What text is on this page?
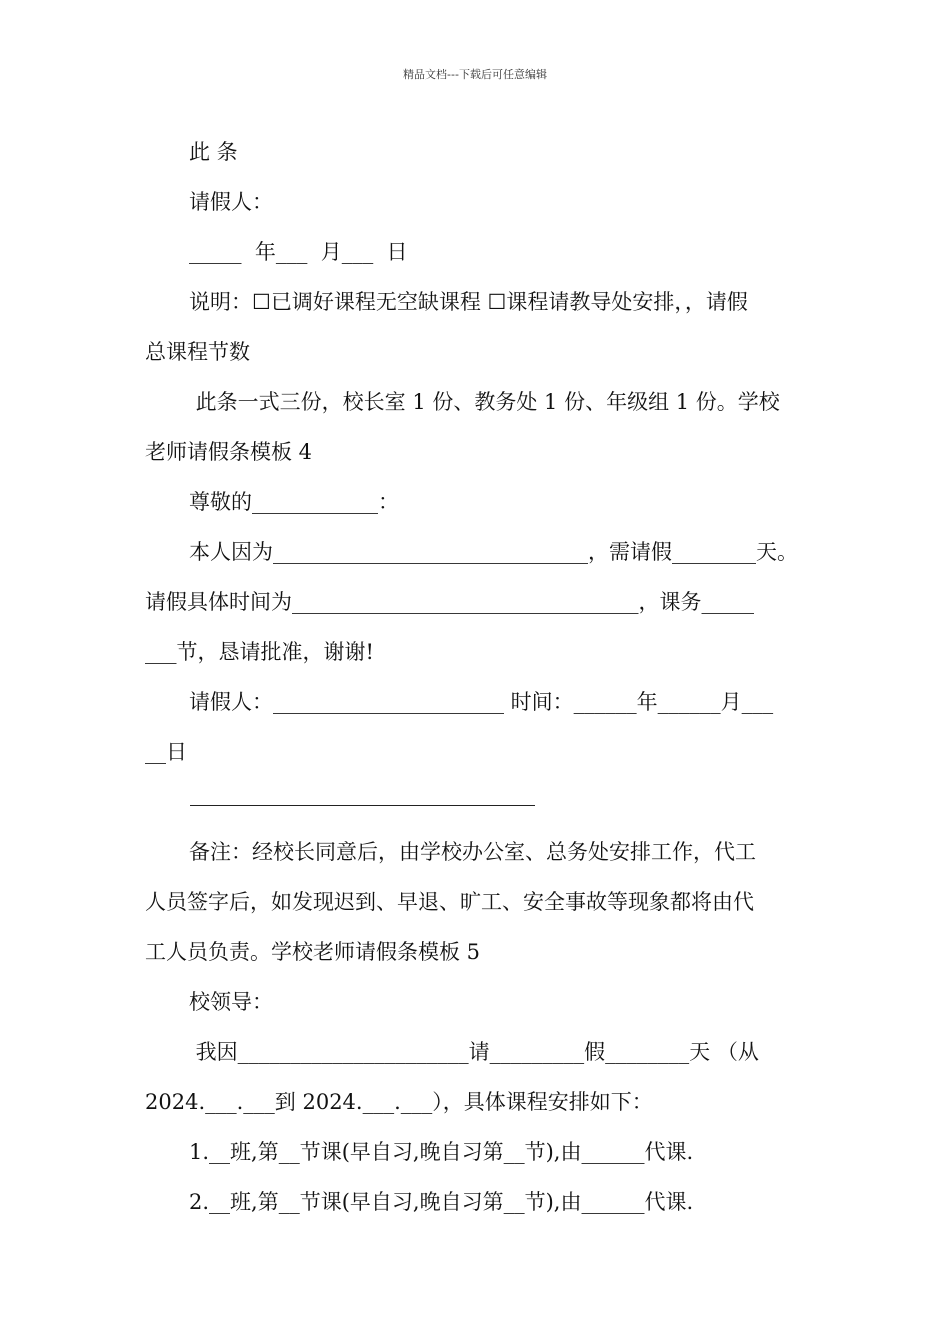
精品文档---下载后可任意编辑
此 条
请假人：
_____  年___  月___  日
说明：☐已调好课程无空缺课程 ☐课程请教导处安排，，请假
总课程节数
此条一式三份，校长室 1 份、教务处 1 份、年级组 1 份。学校
老师请假条模板 4
尊敬的____________：
本人因为______________________________，需请假________天。
请假具体时间为_________________________________，课务_____
___节，恳请批准，谢谢!
请假人：______________________ 时间：______年______月___
__日
备注：经校长同意后，由学校办公室、总务处安排工作，代工
人员签字后，如发现迟到、早退、旷工、安全事故等现象都将由代
工人员负责。学校老师请假条模板 5
校领导：
我因______________________请_________假________天 （从
2024.___.___到 2024.___.___），具体课程安排如下：
1.__班,第__节课(早自习,晚自习第__节),由______代课.
2.__班,第__节课(早自习,晚自习第__节),由______代课.
